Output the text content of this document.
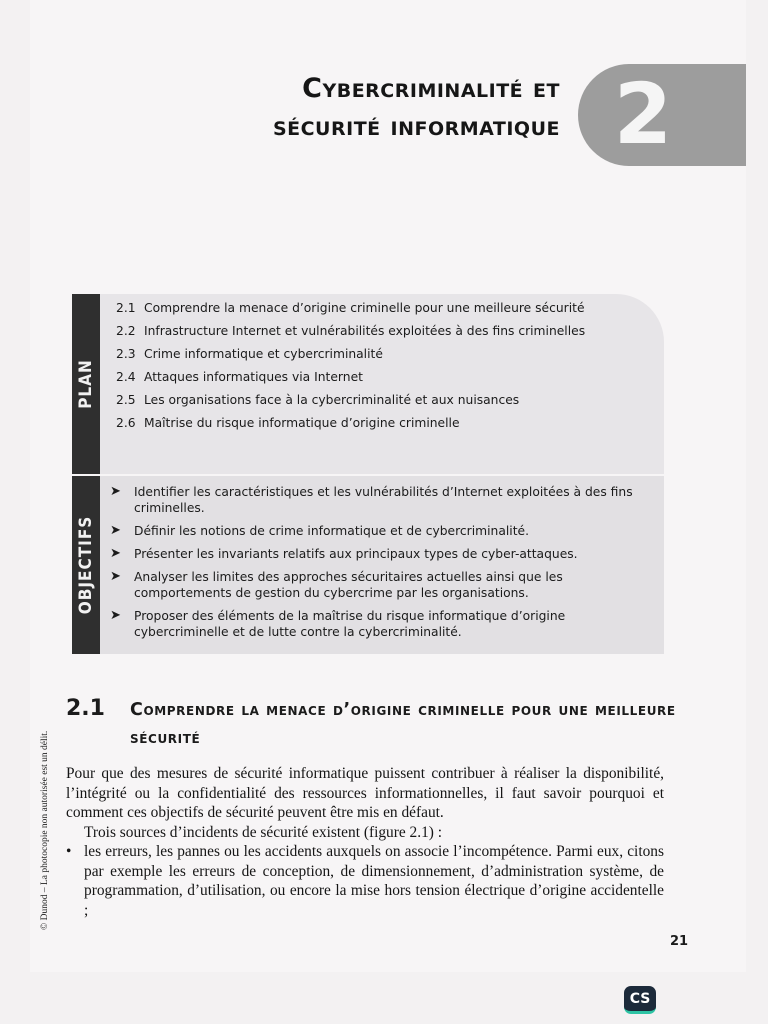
Cybercriminalité et
sécurité informatique 2
PLAN
2.1 Comprendre la menace d’origine criminelle pour une meilleure sécurité
2.2 Infrastructure Internet et vulnérabilités exploitées à des fins criminelles
2.3 Crime informatique et cybercriminalité
2.4 Attaques informatiques via Internet
2.5 Les organisations face à la cybercriminalité et aux nuisances
2.6 Maîtrise du risque informatique d’origine criminelle
OBJECTIFS
➤	Identifier les caractéristiques et les vulnérabilités d’Internet exploitées à des fins criminelles.
➤	Définir les notions de crime informatique et de cybercriminalité.
➤	Présenter les invariants relatifs aux principaux types de cyber-attaques.
➤	Analyser les limites des approches sécuritaires actuelles ainsi que les comportements de gestion du cybercrime par les organisations.
➤	Proposer des éléments de la maîtrise du risque informatique d’origine cybercriminelle et de lutte contre la cybercriminalité.
2.1 Comprendre la menace d’origine criminelle pour une meilleure sécurité

Pour que des mesures de sécurité informatique puissent contribuer à réaliser la disponibilité, l’intégrité ou la confidentialité des ressources informationnelles, il faut savoir pourquoi et comment ces objectifs de sécurité peuvent être mis en défaut.

Trois sources d’incidents de sécurité existent (figure 2.1) :

• les erreurs, les pannes ou les accidents auxquels on associe l’incompétence. Parmi eux, citons par exemple les erreurs de conception, de dimensionnement, d’administration système, de programmation, d’utilisation, ou encore la mise hors tension électrique d’origine accidentelle ;
© Dunod – La photocopie non autorisée est un délit.
21
CS
